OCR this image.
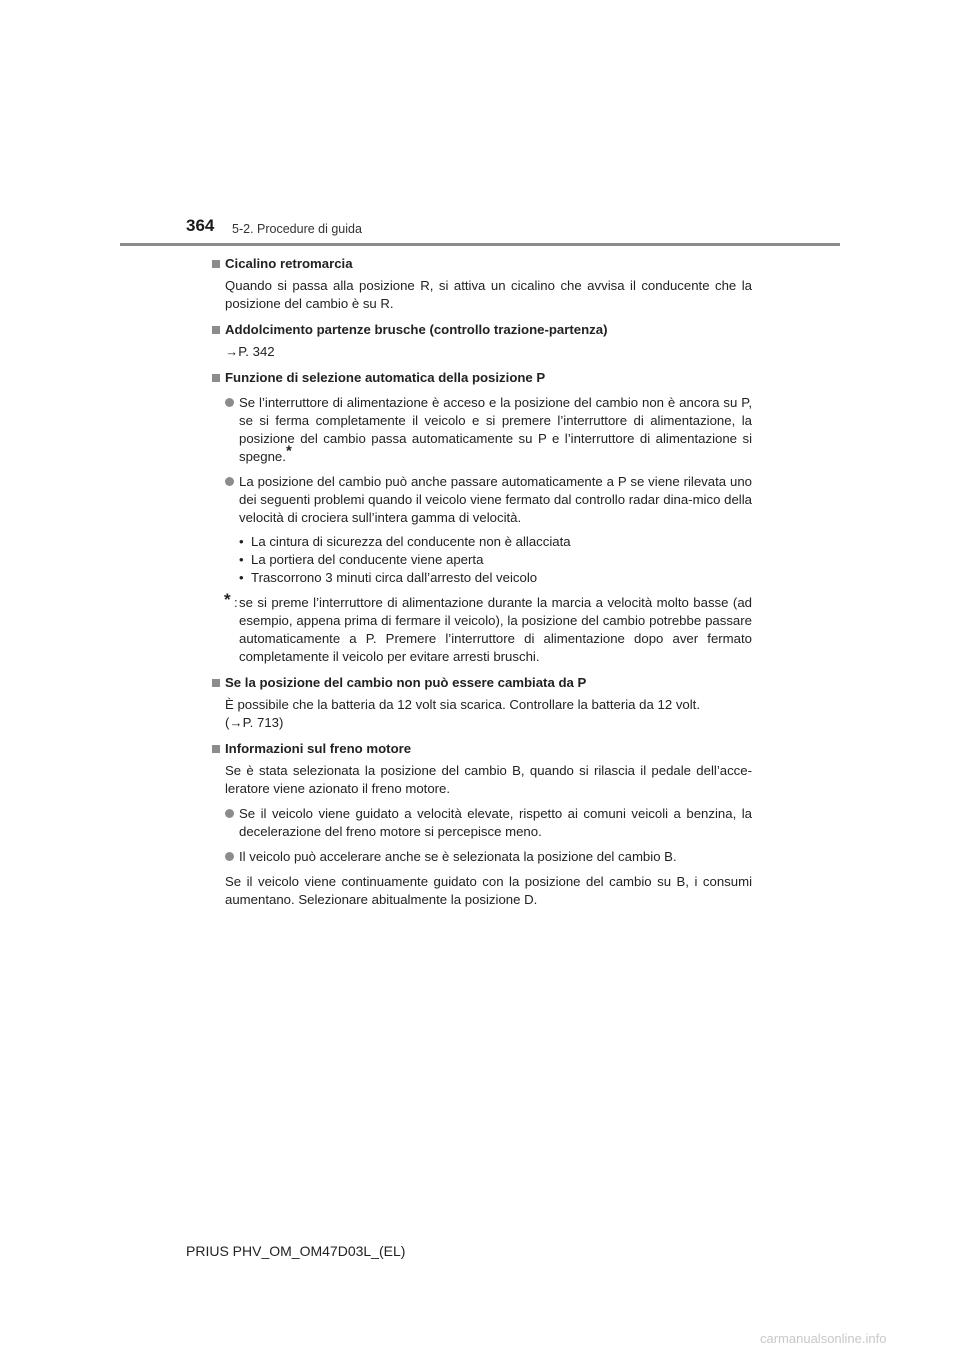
364 5-2. Procedure di guida
Cicalino retromarcia
Quando si passa alla posizione R, si attiva un cicalino che avvisa il conducente che la posizione del cambio è su R.
Addolcimento partenze brusche (controllo trazione-partenza)
→P. 342
Funzione di selezione automatica della posizione P
Se l’interruttore di alimentazione è acceso e la posizione del cambio non è ancora su P, se si ferma completamente il veicolo e si premere l’interruttore di alimentazione, la posizione del cambio passa automaticamente su P e l’interruttore di alimentazione si spegne.*
La posizione del cambio può anche passare automaticamente a P se viene rilevata uno dei seguenti problemi quando il veicolo viene fermato dal controllo radar dina-mico della velocità di crociera sull’intera gamma di velocità.
• La cintura di sicurezza del conducente non è allacciata
• La portiera del conducente viene aperta
• Trascorrono 3 minuti circa dall’arresto del veicolo
* : se si preme l’interruttore di alimentazione durante la marcia a velocità molto basse (ad esempio, appena prima di fermare il veicolo), la posizione del cambio potrebbe passare automaticamente a P. Premere l’interruttore di alimentazione dopo aver fermato completamente il veicolo per evitare arresti bruschi.
Se la posizione del cambio non può essere cambiata da P
È possibile che la batteria da 12 volt sia scarica. Controllare la batteria da 12 volt.
(→P. 713)
Informazioni sul freno motore
Se è stata selezionata la posizione del cambio B, quando si rilascia il pedale dell’acce-leratore viene azionato il freno motore.
Se il veicolo viene guidato a velocità elevate, rispetto ai comuni veicoli a benzina, la decelerazione del freno motore si percepisce meno.
Il veicolo può accelerare anche se è selezionata la posizione del cambio B.
Se il veicolo viene continuamente guidato con la posizione del cambio su B, i consumi aumentano. Selezionare abitualmente la posizione D.
PRIUS PHV_OM_OM47D03L_(EL)
carmanualsonline.info
